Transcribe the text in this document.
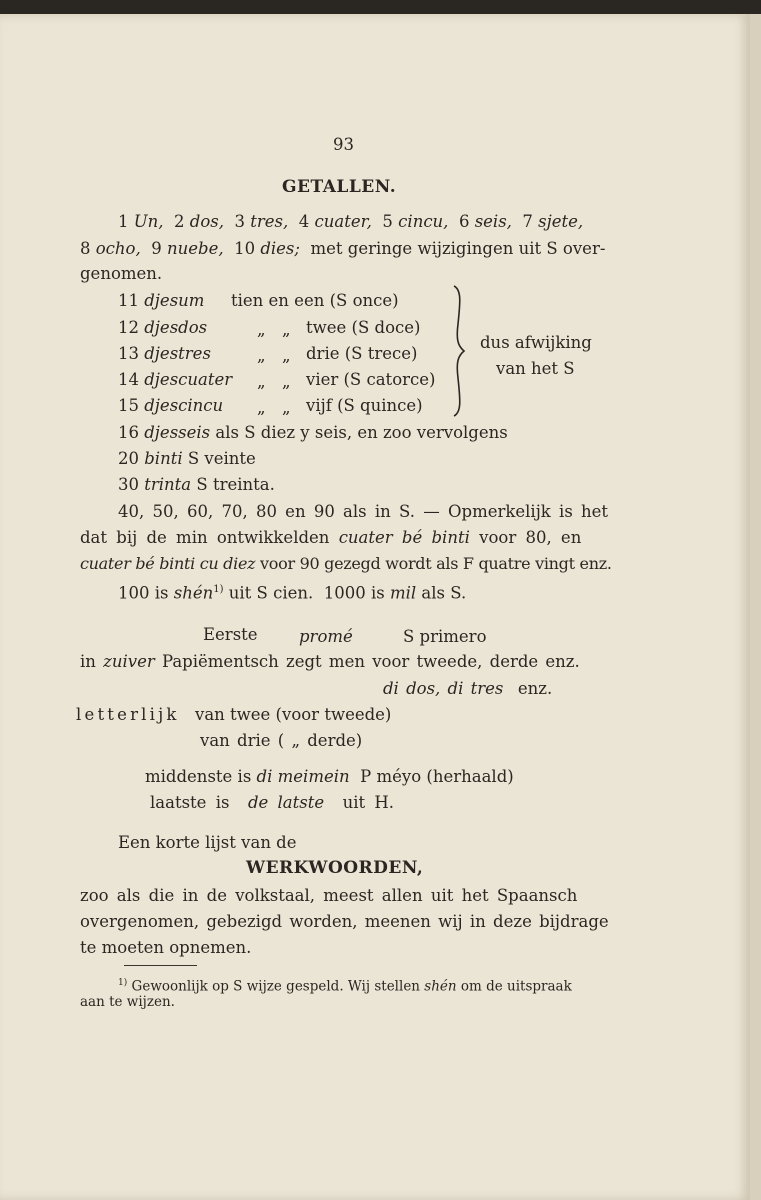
93
GETALLEN.
1 Un, 2 dos, 3 tres, 4 cuater, 5 cincu, 6 seis, 7 sjete,
8 ocho, 9 nuebe, 10 dies; met geringe wijzigingen uit S over-
genomen.
11 djesum tien en een (S once)
12 djesdos	„ „ twee (S doce)
13 djestres	„ „ drie (S trece)
14 djescuater „ „ vier (S catorce)
15 djescincu „ „ vijf (S quince)
dus afwijking
van het S
16 djesseis als S diez y seis, en zoo vervolgens
20 binti S veinte
30 trinta S treinta.
40, 50, 60, 70, 80 en 90 als in S. — Opmerkelijk is het
dat bij de min ontwikkelden cuater bé binti voor 80, en
cuater bé binti cu diez voor 90 gezegd wordt als F quatre vingt enz.
100 is shén$^{1)}$ uit S cien. 1000 is mil als S.
Eerste	promé	S primero
in zuiver Papiëmentsch zegt men voor tweede, derde enz.
di dos, di tres enz.
letterlijk van twee (voor tweede)
van drie ( „ derde)
middenste is di meimein P méyo (herhaald)
laatste is de latste uit H.
Een korte lijst van de
WERKWOORDEN,
zoo als die in de volkstaal, meest allen uit het Spaansch
overgenomen, gebezigd worden, meenen wij in deze bijdrage
te moeten opnemen.
$^{1)}$ Gewoonlijk op S wijze gespeld. Wij stellen shén om de uitspraak
aan te wijzen.
